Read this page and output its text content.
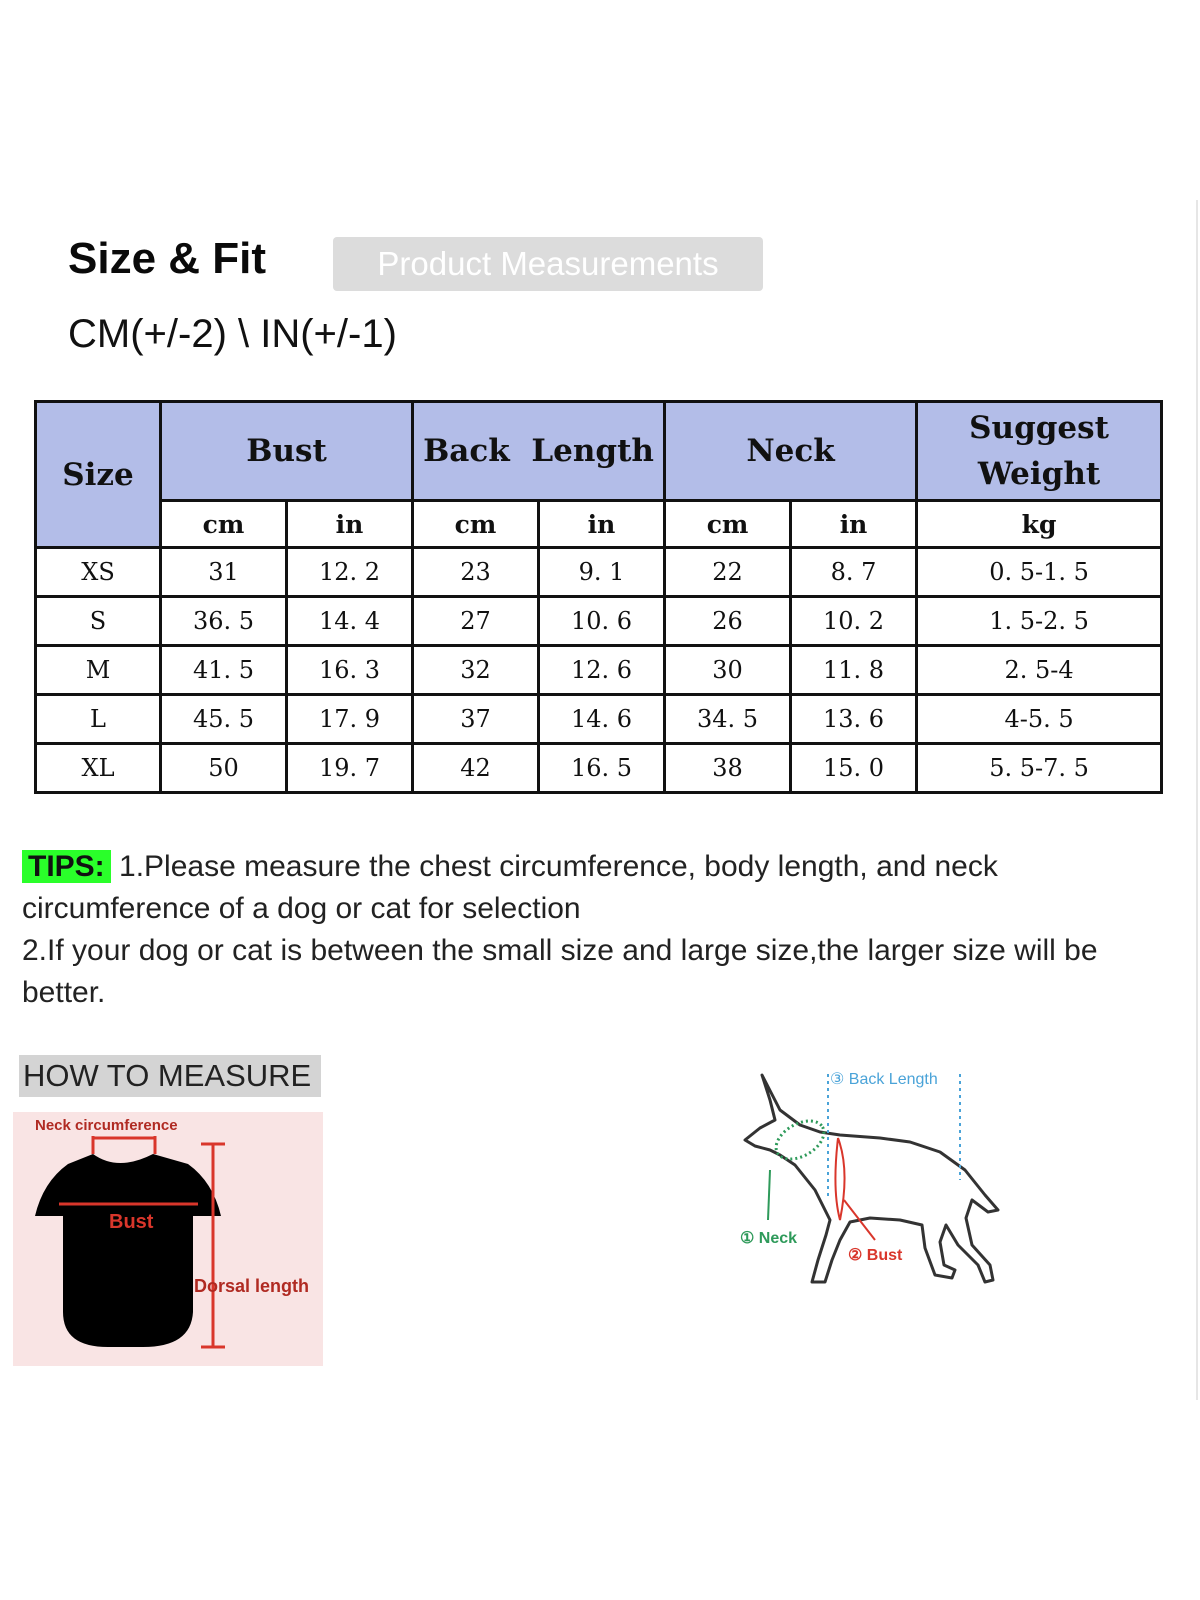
Size & Fit	Product Measurements
CM(+/-2) \ IN(+/-1)
Size	Bust		Back  Length		Neck		Suggest
Weight
	cm	in	cm	in	cm	in	kg
XS	31	12. 2	23	9. 1	22	8. 7	0. 5-1. 5
S	36. 5	14. 4	27	10. 6	26	10. 2	1. 5-2. 5
M	41. 5	16. 3	32	12. 6	30	11. 8	2. 5-4
L	45. 5	17. 9	37	14. 6	34. 5	13. 6	4-5. 5
XL	50	19. 7	42	16. 5	38	15. 0	5. 5-7. 5
TIPS: 1.Please measure the chest circumference, body length, and neck circumference of a dog or cat for selection
2.If your dog or cat is between the small size and large size,the larger size will be better.
HOW TO MEASURE
Neck circumference
Bust
Dorsal length
③ Back Length
① Neck
② Bust
